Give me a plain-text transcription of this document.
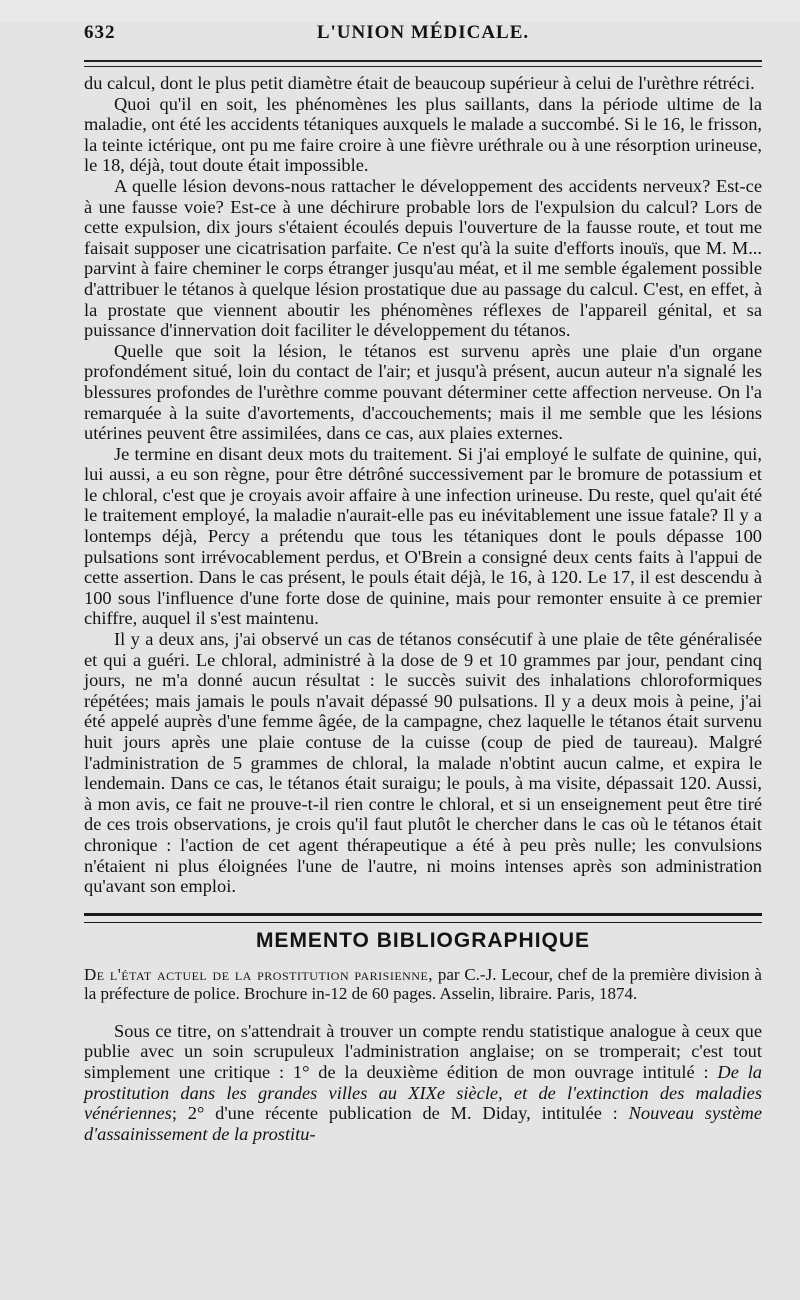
632	L'UNION MÉDICALE.

du calcul, dont le plus petit diamètre était de beaucoup supérieur à celui de l'urèthre rétréci.

Quoi qu'il en soit, les phénomènes les plus saillants, dans la période ultime de la maladie, ont été les accidents tétaniques auxquels le malade a succombé. Si le 16, le frisson, la teinte ictérique, ont pu me faire croire à une fièvre uréthrale ou à une résorption urineuse, le 18, déjà, tout doute était impossible.

A quelle lésion devons-nous rattacher le développement des accidents nerveux? Est-ce à une fausse voie? Est-ce à une déchirure probable lors de l'expulsion du calcul? Lors de cette expulsion, dix jours s'étaient écoulés depuis l'ouverture de la fausse route, et tout me faisait supposer une cicatrisation parfaite. Ce n'est qu'à la suite d'efforts inouïs, que M. M... parvint à faire cheminer le corps étranger jusqu'au méat, et il me semble également possible d'attribuer le tétanos à quelque lésion prostatique due au passage du calcul. C'est, en effet, à la prostate que viennent aboutir les phénomènes réflexes de l'appareil génital, et sa puissance d'innervation doit faciliter le développement du tétanos.

Quelle que soit la lésion, le tétanos est survenu après une plaie d'un organe profondément situé, loin du contact de l'air; et jusqu'à présent, aucun auteur n'a signalé les blessures profondes de l'urèthre comme pouvant déterminer cette affection nerveuse. On l'a remarquée à la suite d'avortements, d'accouchements; mais il me semble que les lésions utérines peuvent être assimilées, dans ce cas, aux plaies externes.

Je termine en disant deux mots du traitement. Si j'ai employé le sulfate de quinine, qui, lui aussi, a eu son règne, pour être détrôné successivement par le bromure de potassium et le chloral, c'est que je croyais avoir affaire à une infection urineuse. Du reste, quel qu'ait été le traitement employé, la maladie n'aurait-elle pas eu inévitablement une issue fatale? Il y a lontemps déjà, Percy a prétendu que tous les tétaniques dont le pouls dépasse 100 pulsations sont irrévocablement perdus, et O'Brein a consigné deux cents faits à l'appui de cette assertion. Dans le cas présent, le pouls était déjà, le 16, à 120. Le 17, il est descendu à 100 sous l'influence d'une forte dose de quinine, mais pour remonter ensuite à ce premier chiffre, auquel il s'est maintenu.

Il y a deux ans, j'ai observé un cas de tétanos consécutif à une plaie de tête généralisée et qui a guéri. Le chloral, administré à la dose de 9 et 10 grammes par jour, pendant cinq jours, ne m'a donné aucun résultat : le succès suivit des inhalations chloroformiques répétées; mais jamais le pouls n'avait dépassé 90 pulsations. Il y a deux mois à peine, j'ai été appelé auprès d'une femme âgée, de la campagne, chez laquelle le tétanos était survenu huit jours après une plaie contuse de la cuisse (coup de pied de taureau). Malgré l'administration de 5 grammes de chloral, la malade n'obtint aucun calme, et expira le lendemain. Dans ce cas, le tétanos était suraigu; le pouls, à ma visite, dépassait 120. Aussi, à mon avis, ce fait ne prouve-t-il rien contre le chloral, et si un enseignement peut être tiré de ces trois observations, je crois qu'il faut plutôt le chercher dans le cas où le tétanos était chronique : l'action de cet agent thérapeutique a été à peu près nulle; les convulsions n'étaient ni plus éloignées l'une de l'autre, ni moins intenses après son administration qu'avant son emploi.

MEMENTO BIBLIOGRAPHIQUE

De l'état actuel de la prostitution parisienne, par C.-J. Lecour, chef de la première division à la préfecture de police. Brochure in-12 de 60 pages. Asselin, libraire. Paris, 1874.

Sous ce titre, on s'attendrait à trouver un compte rendu statistique analogue à ceux que publie avec un soin scrupuleux l'administration anglaise; on se tromperait; c'est tout simplement une critique : 1° de la deuxième édition de mon ouvrage intitulé : De la prostitution dans les grandes villes au XIXe siècle, et de l'extinction des maladies vénériennes; 2° d'une récente publication de M. Diday, intitulée : Nouveau système d'assainissement de la prostitu-
